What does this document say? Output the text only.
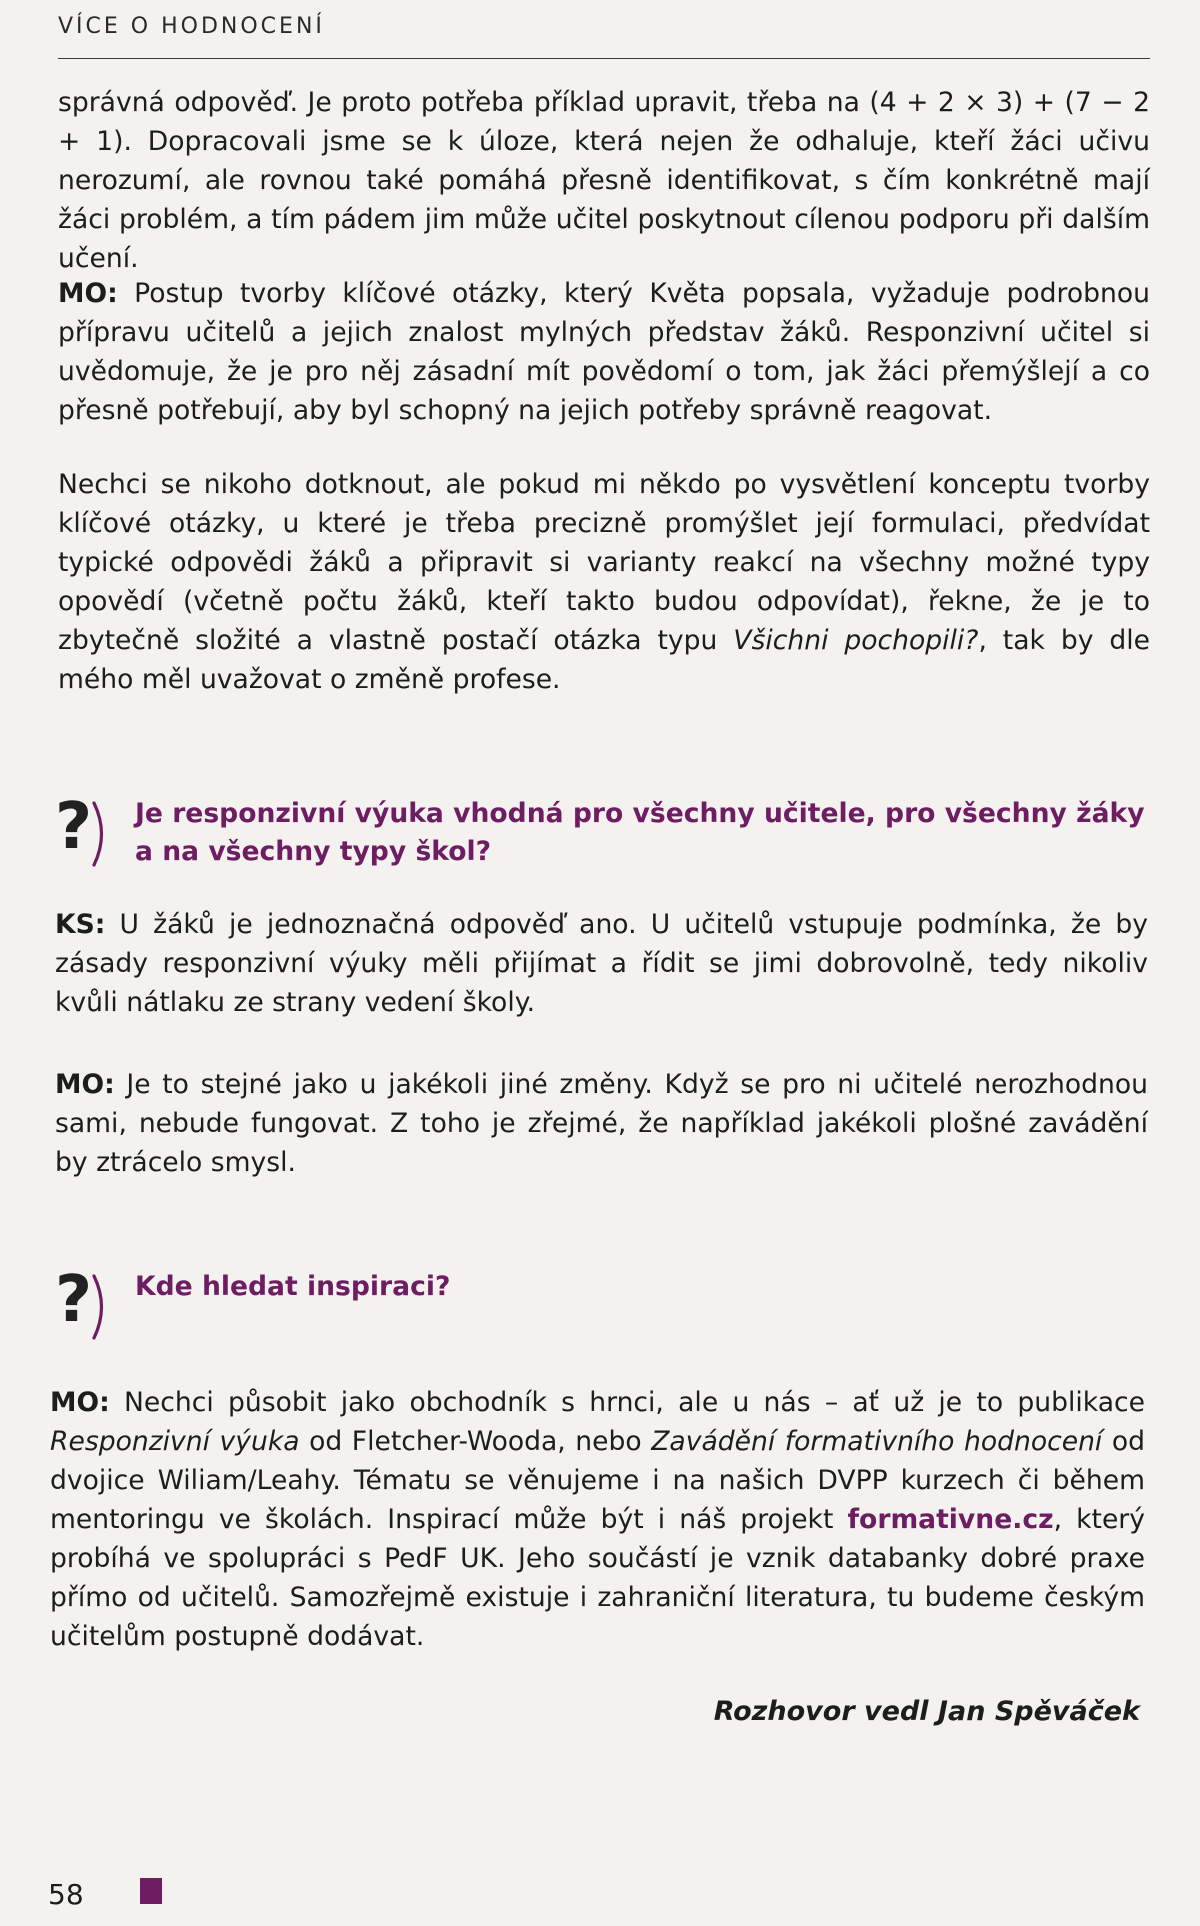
VÍCE O HODNOCENÍ

správná odpověď. Je proto potřeba příklad upravit, třeba na (4 + 2 × 3) + (7 − 2 + 1). Dopracovali jsme se k úloze, která nejen že odhaluje, kteří žáci učivu nerozumí, ale rovnou také pomáhá přesně identifikovat, s čím konkrétně mají žáci problém, a tím pádem jim může učitel poskytnout cílenou podporu při dalším učení.

MO: Postup tvorby klíčové otázky, který Květa popsala, vyžaduje podrobnou přípravu učitelů a jejich znalost mylných představ žáků. Responzivní učitel si uvědomuje, že je pro něj zásadní mít povědomí o tom, jak žáci přemýšlejí a co přesně potřebují, aby byl schopný na jejich potřeby správně reagovat.

Nechci se nikoho dotknout, ale pokud mi někdo po vysvětlení konceptu tvorby klíčové otázky, u které je třeba precizně promýšlet její formulaci, předvídat typické odpovědi žáků a připravit si varianty reakcí na všechny možné typy opovědí (včetně počtu žáků, kteří takto budou odpovídat), řekne, že je to zbytečně složité a vlastně postačí otázka typu Všichni pochopili?, tak by dle mého měl uvažovat o změně profese.

? Je responzivní výuka vhodná pro všechny učitele, pro všechny žáky
a na všechny typy škol?

KS: U žáků je jednoznačná odpověď ano. U učitelů vstupuje podmínka, že by zásady responzivní výuky měli přijímat a řídit se jimi dobrovolně, tedy nikoliv kvůli nátlaku ze strany vedení školy.

MO: Je to stejné jako u jakékoli jiné změny. Když se pro ni učitelé nerozhodnou sami, nebude fungovat. Z toho je zřejmé, že například jakékoli plošné zavádění by ztrácelo smysl.

? Kde hledat inspiraci?

MO: Nechci působit jako obchodník s hrnci, ale u nás – ať už je to publikace Responzivní výuka od Fletcher-Wooda, nebo Zavádění formativního hodnocení od dvojice Wiliam/Leahy. Tématu se věnujeme i na našich DVPP kurzech či během mentoringu ve školách. Inspirací může být i náš projekt formativne.cz, který probíhá ve spolupráci s PedF UK. Jeho součástí je vznik databanky dobré praxe přímo od učitelů. Samozřejmě existuje i zahraniční literatura, tu budeme českým učitelům postupně dodávat.

Rozhovor vedl Jan Spěváček
58
